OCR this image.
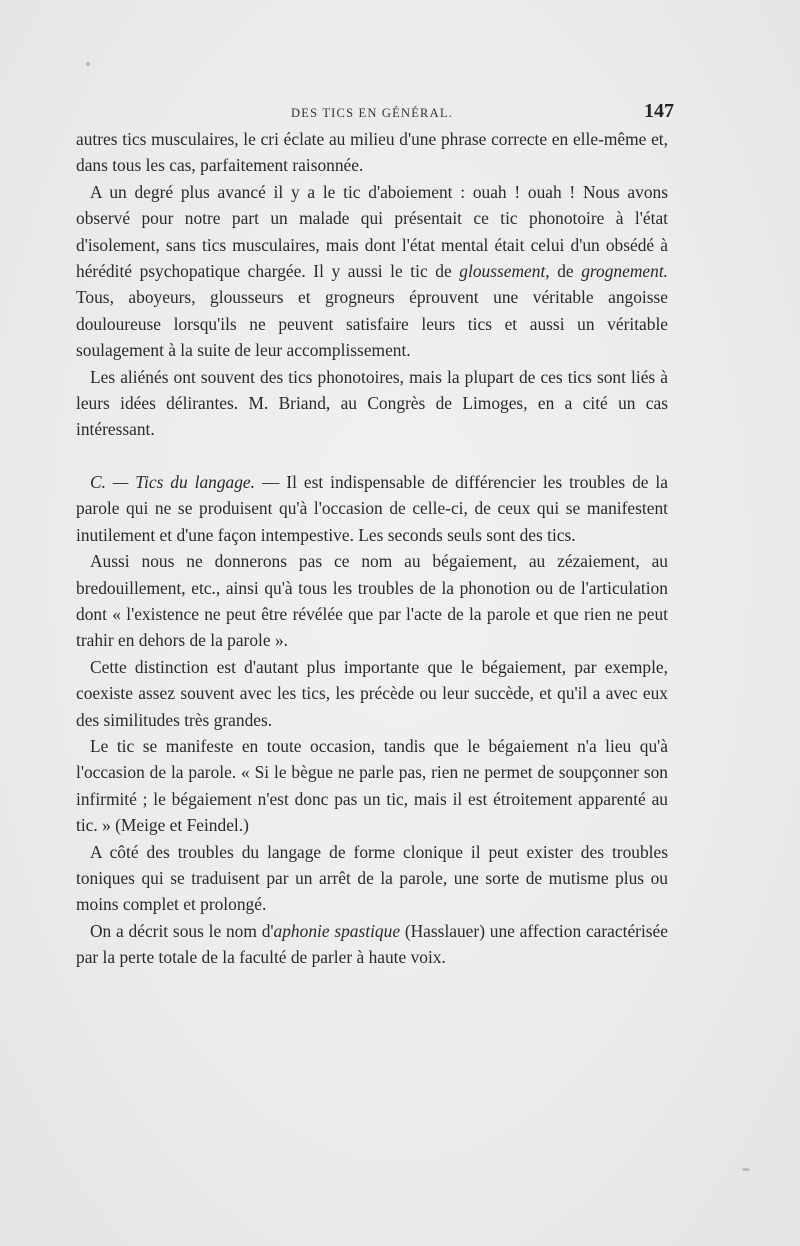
DES TICS EN GÉNÉRAL.	147

autres tics musculaires, le cri éclate au milieu d'une phrase correcte en elle-même et, dans tous les cas, parfaitement raisonnée.

A un degré plus avancé il y a le tic d'aboiement : ouah ! ouah ! Nous avons observé pour notre part un malade qui présentait ce tic phonotoire à l'état d'isolement, sans tics musculaires, mais dont l'état mental était celui d'un obsédé à hérédité psychopatique chargée. Il y aussi le tic de gloussement, de grognement. Tous, aboyeurs, glousseurs et grogneurs éprouvent une véritable angoisse douloureuse lorsqu'ils ne peuvent satisfaire leurs tics et aussi un véritable soulagement à la suite de leur accomplissement.

Les aliénés ont souvent des tics phonotoires, mais la plupart de ces tics sont liés à leurs idées délirantes. M. Briand, au Congrès de Limoges, en a cité un cas intéressant.

C. — Tics du langage. — Il est indispensable de différencier les troubles de la parole qui ne se produisent qu'à l'occasion de celle-ci, de ceux qui se manifestent inutilement et d'une façon intempestive. Les seconds seuls sont des tics.

Aussi nous ne donnerons pas ce nom au bégaiement, au zézaiement, au bredouillement, etc., ainsi qu'à tous les troubles de la phonotion ou de l'articulation dont « l'existence ne peut être révélée que par l'acte de la parole et que rien ne peut trahir en dehors de la parole ».

Cette distinction est d'autant plus importante que le bégaiement, par exemple, coexiste assez souvent avec les tics, les précède ou leur succède, et qu'il a avec eux des similitudes très grandes.

Le tic se manifeste en toute occasion, tandis que le bégaiement n'a lieu qu'à l'occasion de la parole. « Si le bègue ne parle pas, rien ne permet de soupçonner son infirmité ; le bégaiement n'est donc pas un tic, mais il est étroitement apparenté au tic. » (Meige et Feindel.)

A côté des troubles du langage de forme clonique il peut exister des troubles toniques qui se traduisent par un arrêt de la parole, une sorte de mutisme plus ou moins complet et prolongé.

On a décrit sous le nom d'aphonie spastique (Hasslauer) une affection caractérisée par la perte totale de la faculté de parler à haute voix.
